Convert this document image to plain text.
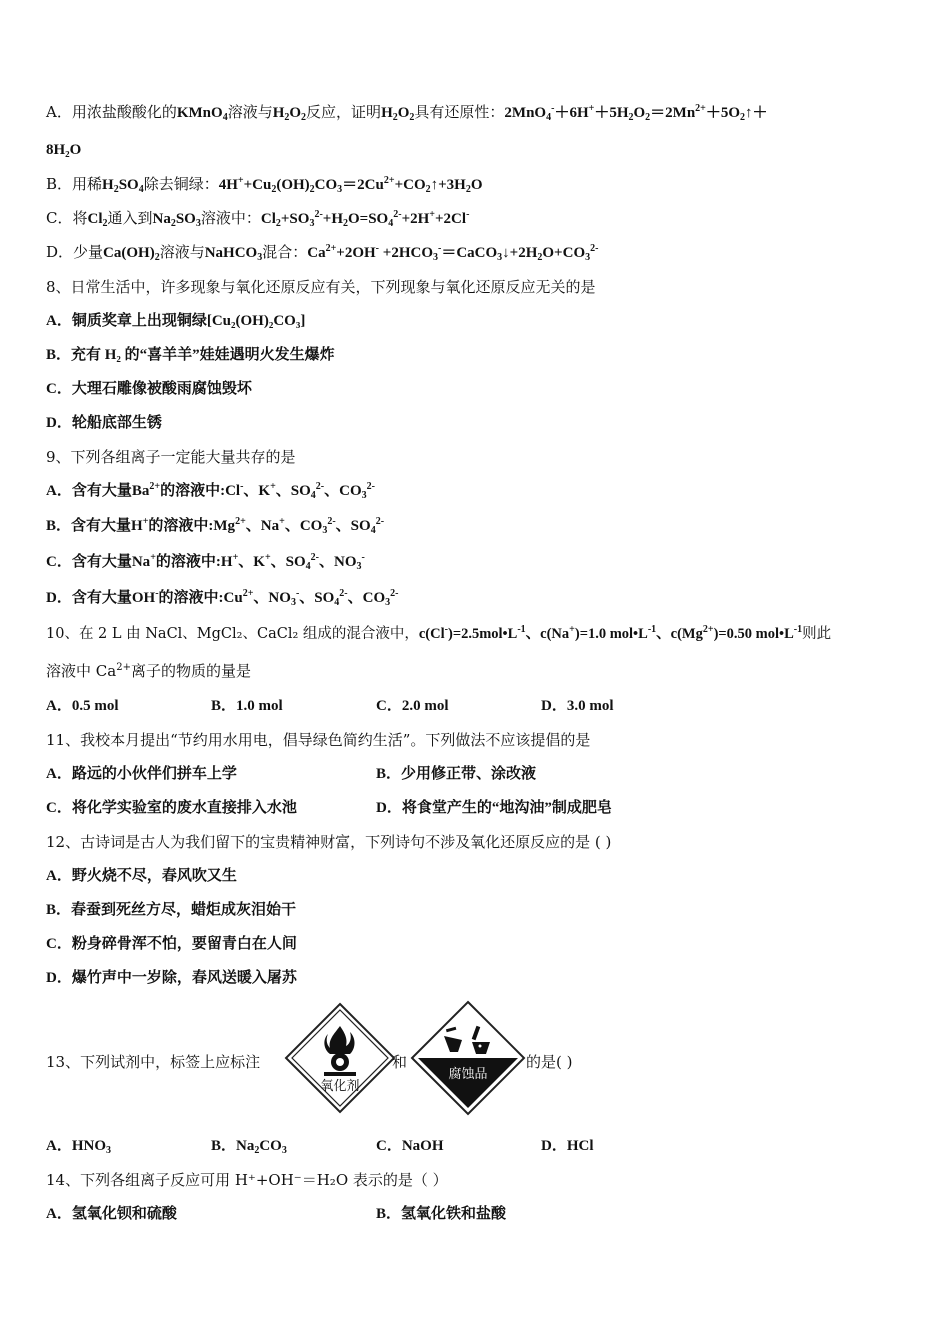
A．用浓盐酸酸化的KMnO$_4$溶液与$H_2O_2$反应，证明$H_2O_2$具有还原性：$2MnO_4^-+6H^++5H_2O_2=2Mn^{2+}+5O_2↑+$
8H₂O
B．用稀$H_2SO_4$除去铜绿：$4H^++Cu_2(OH)_2CO_3=2Cu^{2+}+CO_2↑+3H_2O$
C．将$Cl_2$通入到$Na_2SO_3$溶液中：$Cl_2+SO_3^{2-}+H_2O=SO_4^{2-}+2H^++2Cl^-$
D．少量$Ca(OH)_2$溶液与NaHCO$_3$混合：$Ca^{2+}+2OH^-$ $+2HCO_3^-=CaCO_3↓+2H_2O+CO_3^{2-}$
8、日常生活中，许多现象与氧化还原反应有关，下列现象与氧化还原反应无关的是
A．铜质奖章上出现铜绿[Cu₂(OH)₂CO₃]
B．充有 H₂ 的“喜羊羊”娃娃遇明火发生爆炸
C．大理石雕像被酸雨腐蚀毁坏
D．轮船底部生锈
9、下列各组离子一定能大量共存的是
A．含有大量$Ba^{2+}$的溶液中:Cl-、K+、$SO_4^{2-}$、$CO_3^{2-}$
B．含有大量H+的溶液中$:Mg^{2+}$、Na+、$CO_3^{2-}$、$SO_4^{2-}$
C．含有大量Na+的溶液中:H+、K+、$SO_4^{2-}$、$NO_3^-$
D．含有大量OH-的溶液中$:Cu^{2+}$、$NO_3^-$、$SO_4^{2-}$、$CO_3^{2-}$
10、在 2 L 由 NaCl、MgCl₂、CaCl₂ 组成的混合液中，$c(Cl^-)=2.5mol•L^{-1}$、c(Na+)=1.0 $mol•L^{-1}$、$c(Mg^{2+})=0.50$ $mol•L^{-1}$则此
溶液中 $Ca^{2+}$离子的物质的量是
A．0.5 mol	B．1.0 mol	C．2.0 mol	D．3.0 mol
11、我校本月提出“节约用水用电，倡导绿色简约生活”。下列做法不应该提倡的是
A．路远的小伙伴们拼车上学	B．少用修正带、涂改液
C．将化学实验室的废水直接排入水池	D．将食堂产生的“地沟油”制成肥皂
12、古诗词是古人为我们留下的宝贵精神财富，下列诗句不涉及氧化还原反应的是 ( )
A．野火烧不尽，春风吹又生
B．春蚕到死丝方尽，蜡炬成灰泪始干
C．粉身碎骨浑不怕，要留青白在人间
D．爆竹声中一岁除，春风送暖入屠苏
13、下列试剂中，标签上应标注
氧化剂
和
腐蚀品
的是( )
A．$HNO_3$	B．$Na_2CO_3$	C．NaOH	D．HCl
14、下列各组离子反应可用 H⁺+OH⁻＝H₂O 表示的是（ ）
A．氢氧化钡和硫酸	B．氢氧化铁和盐酸
